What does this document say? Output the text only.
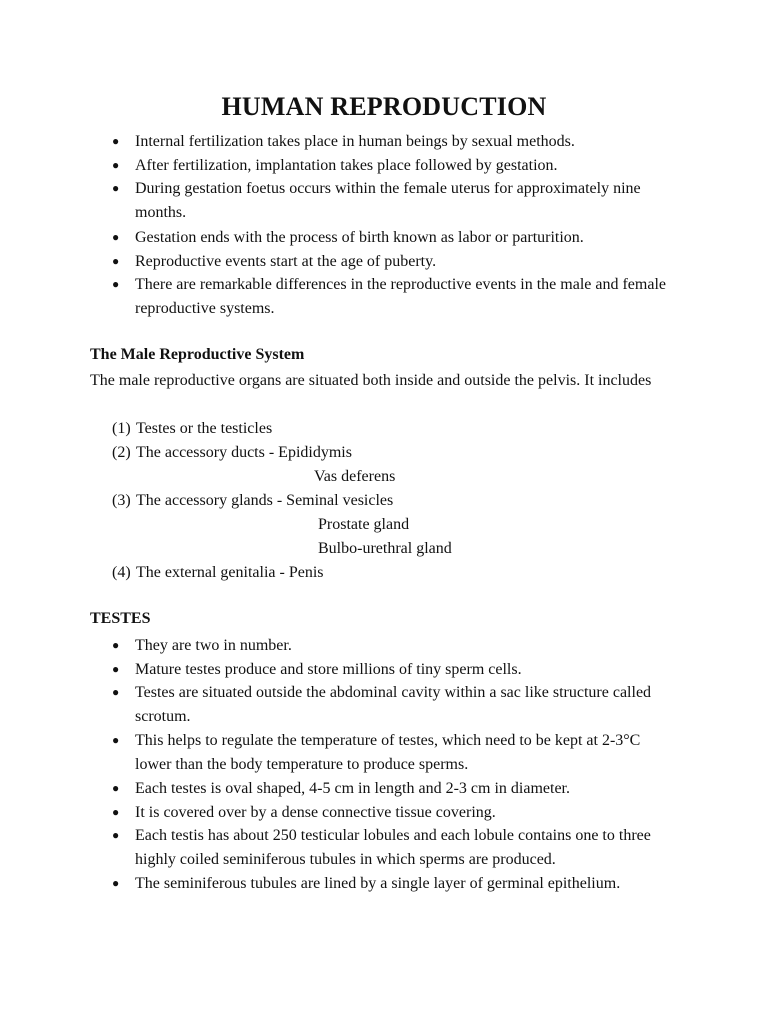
HUMAN REPRODUCTION
● Internal fertilization takes place in human beings by sexual methods.
● After fertilization, implantation takes place followed by gestation.
● During gestation foetus occurs within the female uterus for approximately nine months.
● Gestation ends with the process of birth known as labor or parturition.
● Reproductive events start at the age of puberty.
● There are remarkable differences in the reproductive events in the male and female reproductive systems.
The Male Reproductive System
The male reproductive organs are situated both inside and outside the pelvis. It includes
(1) Testes or the testicles
(2) The accessory ducts - Epididymis
Vas deferens
(3) The accessory glands - Seminal vesicles
Prostate gland
Bulbo-urethral gland
(4) The external genitalia - Penis
TESTES
● They are two in number.
● Mature testes produce and store millions of tiny sperm cells.
● Testes are situated outside the abdominal cavity within a sac like structure called scrotum.
● This helps to regulate the temperature of testes, which need to be kept at 2-3°C lower than the body temperature to produce sperms.
● Each testes is oval shaped, 4-5 cm in length and 2-3 cm in diameter.
● It is covered over by a dense connective tissue covering.
● Each testis has about 250 testicular lobules and each lobule contains one to three highly coiled seminiferous tubules in which sperms are produced.
● The seminiferous tubules are lined by a single layer of germinal epithelium.
